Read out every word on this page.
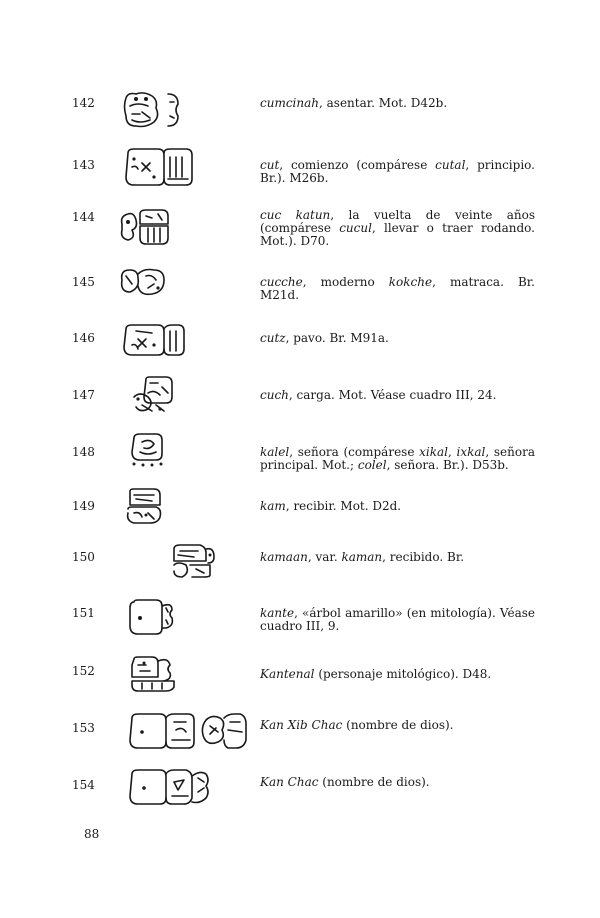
142	cumcinah, asentar. Mot. D42b.
143	cut, comienzo (compárese cutal, principio. Br.). M26b.
144	cuc katun, la vuelta de veinte años (compárese cucul, llevar o traer rodando. Mot.). D70.
145	cucche, moderno kokche, matraca. Br. M21d.
146	cutz, pavo. Br. M91a.
147	cuch, carga. Mot. Véase cuadro III, 24.
148	kalel, señora (compárese xikal, ixkal, señora principal. Mot.; colel, señora. Br.). D53b.
149	kam, recibir. Mot. D2d.
150	kamaan, var. kaman, recibido. Br.
151	kante, «árbol amarillo» (en mitología). Véase cuadro III, 9.
152	Kantenal (personaje mitológico). D48.
153	Kan Xib Chac (nombre de dios).
154	Kan Chac (nombre de dios).
88
